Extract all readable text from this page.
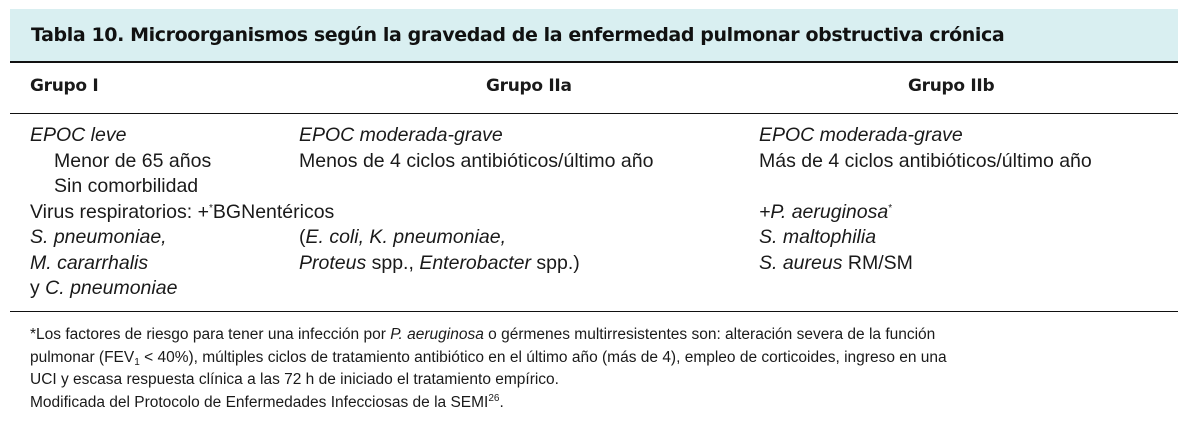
Tabla 10. Microorganismos según la gravedad de la enfermedad pulmonar obstructiva crónica
Grupo I	Grupo IIa	Grupo IIb
EPOC leve
Menor de 65 años
Sin comorbilidad
Virus respiratorios: +*BGN
S. pneumoniae,
M. cararrhalis
y C. pneumoniae
EPOC moderada-grave
Menos de 4 ciclos antibióticos/último año

entéricos
(E. coli, K. pneumoniae,
Proteus spp., Enterobacter spp.)
EPOC moderada-grave
Más de 4 ciclos antibióticos/último año

+P. aeruginosa*
S. maltophilia
S. aureus RM/SM
*Los factores de riesgo para tener una infección por P. aeruginosa o gérmenes multirresistentes son: alteración severa de la función
pulmonar $(FEV_1 < 40\%)$, múltiples ciclos de tratamiento antibiótico en el último año (más de 4), empleo de corticoides, ingreso en una
UCI y escasa respuesta clínica a las 72 h de iniciado el tratamiento empírico.
Modificada del Protocolo de Enfermedades Infecciosas de la SEMI$^{26}$.
